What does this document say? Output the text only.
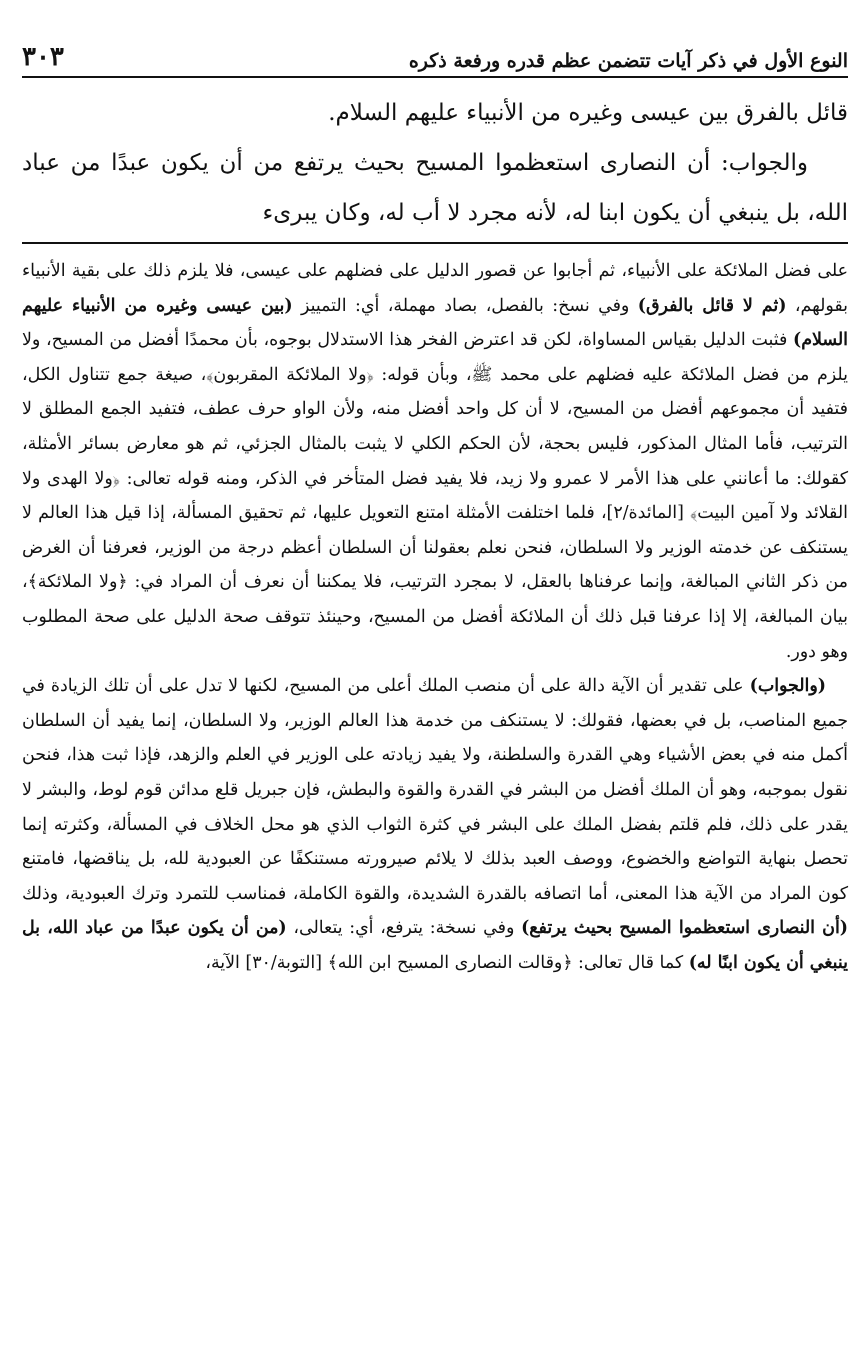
النوع الأول في ذكر آيات تتضمن عظم قدره ورفعة ذكره
٣٠٣

قائل بالفرق بين عيسى وغيره من الأنبياء عليهم السلام.

والجواب: أن النصارى استعظموا المسيح بحيث يرتفع من أن يكون عبدًا من عباد الله، بل ينبغي أن يكون ابنا له، لأنه مجرد لا أب له، وكان يبرىء

على فضل الملائكة على الأنبياء، ثم أجابوا عن قصور الدليل على فضلهم على عيسى، فلا يلزم ذلك على بقية الأنبياء بقولهم، (ثم لا قائل بالفرق) وفي نسخ: بالفصل، بصاد مهملة، أي: التمييز (بين عيسى وغيره من الأنبياء عليهم السلام) فثبت الدليل بقياس المساواة، لكن قد اعترض الفخر هذا الاستدلال بوجوه، بأن محمدًا أفضل من المسيح، ولا يلزم من فضل الملائكة عليه فضلهم على محمد ﷺ، وبأن قوله: ﴿ولا الملائكة المقربون﴾، صيغة جمع تتناول الكل، فتفيد أن مجموعهم أفضل من المسيح، لا أن كل واحد أفضل منه، ولأن الواو حرف عطف، فتفيد الجمع المطلق لا الترتيب، فأما المثال المذكور، فليس بحجة، لأن الحكم الكلي لا يثبت بالمثال الجزئي، ثم هو معارض بسائر الأمثلة، كقولك: ما أعانني على هذا الأمر لا عمرو ولا زيد، فلا يفيد فضل المتأخر في الذكر، ومنه قوله تعالى: ﴿ولا الهدى ولا القلائد ولا آمين البيت﴾ [المائدة/٢]، فلما اختلفت الأمثلة امتنع التعويل عليها، ثم تحقيق المسألة، إذا قيل هذا العالم لا يستنكف عن خدمته الوزير ولا السلطان، فنحن نعلم بعقولنا أن السلطان أعظم درجة من الوزير، فعرفنا أن الغرض من ذكر الثاني المبالغة، وإنما عرفناها بالعقل، لا بمجرد الترتيب، فلا يمكننا أن نعرف أن المراد في: ﴿ولا الملائكة﴾، بيان المبالغة، إلا إذا عرفنا قبل ذلك أن الملائكة أفضل من المسيح، وحينئذ تتوقف صحة الدليل على صحة المطلوب وهو دور.

(والجواب) على تقدير أن الآية دالة على أن منصب الملك أعلى من المسيح، لكنها لا تدل على أن تلك الزيادة في جميع المناصب، بل في بعضها، فقولك: لا يستنكف من خدمة هذا العالم الوزير، ولا السلطان، إنما يفيد أن السلطان أكمل منه في بعض الأشياء وهي القدرة والسلطنة، ولا يفيد زيادته على الوزير في العلم والزهد، فإذا ثبت هذا، فنحن نقول بموجبه، وهو أن الملك أفضل من البشر في القدرة والقوة والبطش، فإن جبريل قلع مدائن قوم لوط، والبشر لا يقدر على ذلك، فلم قلتم بفضل الملك على البشر في كثرة الثواب الذي هو محل الخلاف في المسألة، وكثرته إنما تحصل بنهاية التواضع والخضوع، ووصف العبد بذلك لا يلائم صيرورته مستنكفًا عن العبودية لله، بل يناقضها، فامتنع كون المراد من الآية هذا المعنى، أما اتصافه بالقدرة الشديدة، والقوة الكاملة، فمناسب للتمرد وترك العبودية، وذلك (أن النصارى استعظموا المسيح بحيث يرتفع) وفي نسخة: يترفع، أي: يتعالى، (من أن يكون عبدًا من عباد الله، بل ينبغي أن يكون ابنًا له) كما قال تعالى: ﴿وقالت النصارى المسيح ابن الله﴾ [التوبة/٣٠] الآية،
